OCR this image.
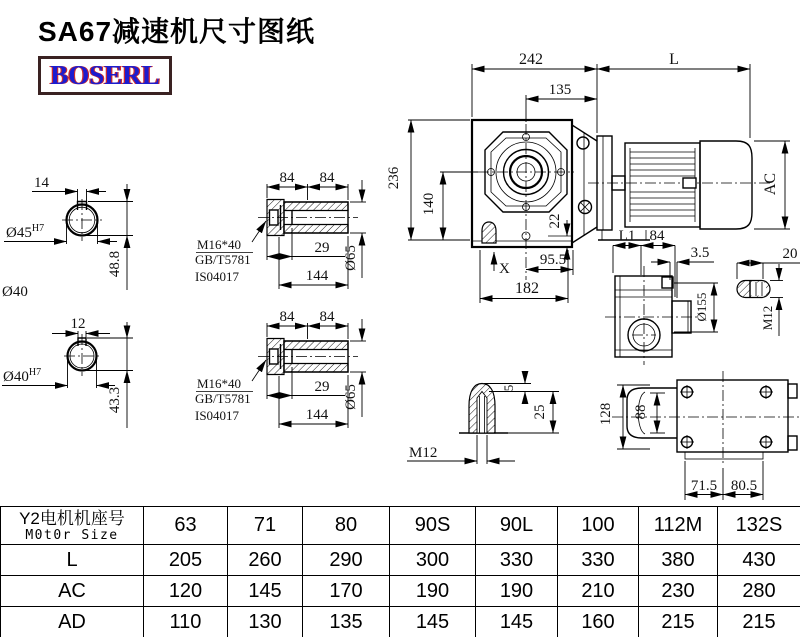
SA67减速机尺寸图纸
BOSERL
14
$Ø45^{H7}$
48.8
Ø40
12
$Ø40^{H7}$
43.3
84 84
29
144
Ø65
M16*40
GB/T5781
IS04017
84 84
29
144
Ø65
M16*40
GB/T5781
IS04017
242	L
135
236
140
22
AC
95.5
182
X
L1 84
3.5
Ø155
20
M12
128 88
71.5 80.5
5
25
M12
Y2电机机座号
M0t0r Size	63	71	80	90S	90L	100	112M	132S
L	205	260	290	300	330	330	380	430
AC	120	145	170	190	190	210	230	280
AD	110	130	135	145	145	160	215	215
